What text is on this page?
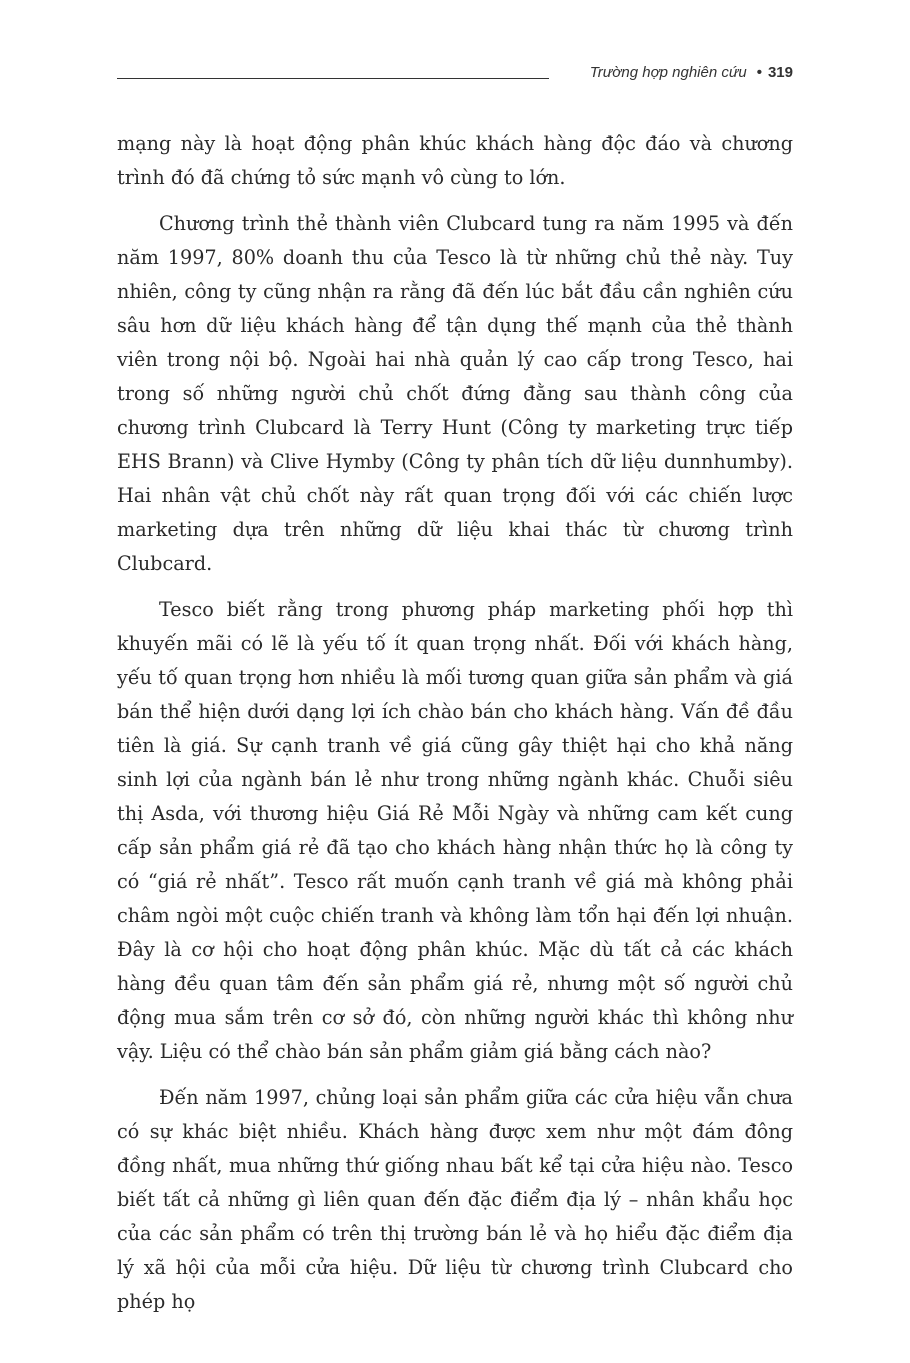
Trường hợp nghiên cứu • 319

mạng này là hoạt động phân khúc khách hàng độc đáo và chương trình đó đã chứng tỏ sức mạnh vô cùng to lớn.

Chương trình thẻ thành viên Clubcard tung ra năm 1995 và đến năm 1997, 80% doanh thu của Tesco là từ những chủ thẻ này. Tuy nhiên, công ty cũng nhận ra rằng đã đến lúc bắt đầu cần nghiên cứu sâu hơn dữ liệu khách hàng để tận dụng thế mạnh của thẻ thành viên trong nội bộ. Ngoài hai nhà quản lý cao cấp trong Tesco, hai trong số những người chủ chốt đứng đằng sau thành công của chương trình Clubcard là Terry Hunt (Công ty marketing trực tiếp EHS Brann) và Clive Hymby (Công ty phân tích dữ liệu dunnhumby). Hai nhân vật chủ chốt này rất quan trọng đối với các chiến lược marketing dựa trên những dữ liệu khai thác từ chương trình Clubcard.

Tesco biết rằng trong phương pháp marketing phối hợp thì khuyến mãi có lẽ là yếu tố ít quan trọng nhất. Đối với khách hàng, yếu tố quan trọng hơn nhiều là mối tương quan giữa sản phẩm và giá bán thể hiện dưới dạng lợi ích chào bán cho khách hàng. Vấn đề đầu tiên là giá. Sự cạnh tranh về giá cũng gây thiệt hại cho khả năng sinh lợi của ngành bán lẻ như trong những ngành khác. Chuỗi siêu thị Asda, với thương hiệu Giá Rẻ Mỗi Ngày và những cam kết cung cấp sản phẩm giá rẻ đã tạo cho khách hàng nhận thức họ là công ty có “giá rẻ nhất”. Tesco rất muốn cạnh tranh về giá mà không phải châm ngòi một cuộc chiến tranh và không làm tổn hại đến lợi nhuận. Đây là cơ hội cho hoạt động phân khúc. Mặc dù tất cả các khách hàng đều quan tâm đến sản phẩm giá rẻ, nhưng một số người chủ động mua sắm trên cơ sở đó, còn những người khác thì không như vậy. Liệu có thể chào bán sản phẩm giảm giá bằng cách nào?

Đến năm 1997, chủng loại sản phẩm giữa các cửa hiệu vẫn chưa có sự khác biệt nhiều. Khách hàng được xem như một đám đông đồng nhất, mua những thứ giống nhau bất kể tại cửa hiệu nào. Tesco biết tất cả những gì liên quan đến đặc điểm địa lý – nhân khẩu học của các sản phẩm có trên thị trường bán lẻ và họ hiểu đặc điểm địa lý xã hội của mỗi cửa hiệu. Dữ liệu từ chương trình Clubcard cho phép họ
